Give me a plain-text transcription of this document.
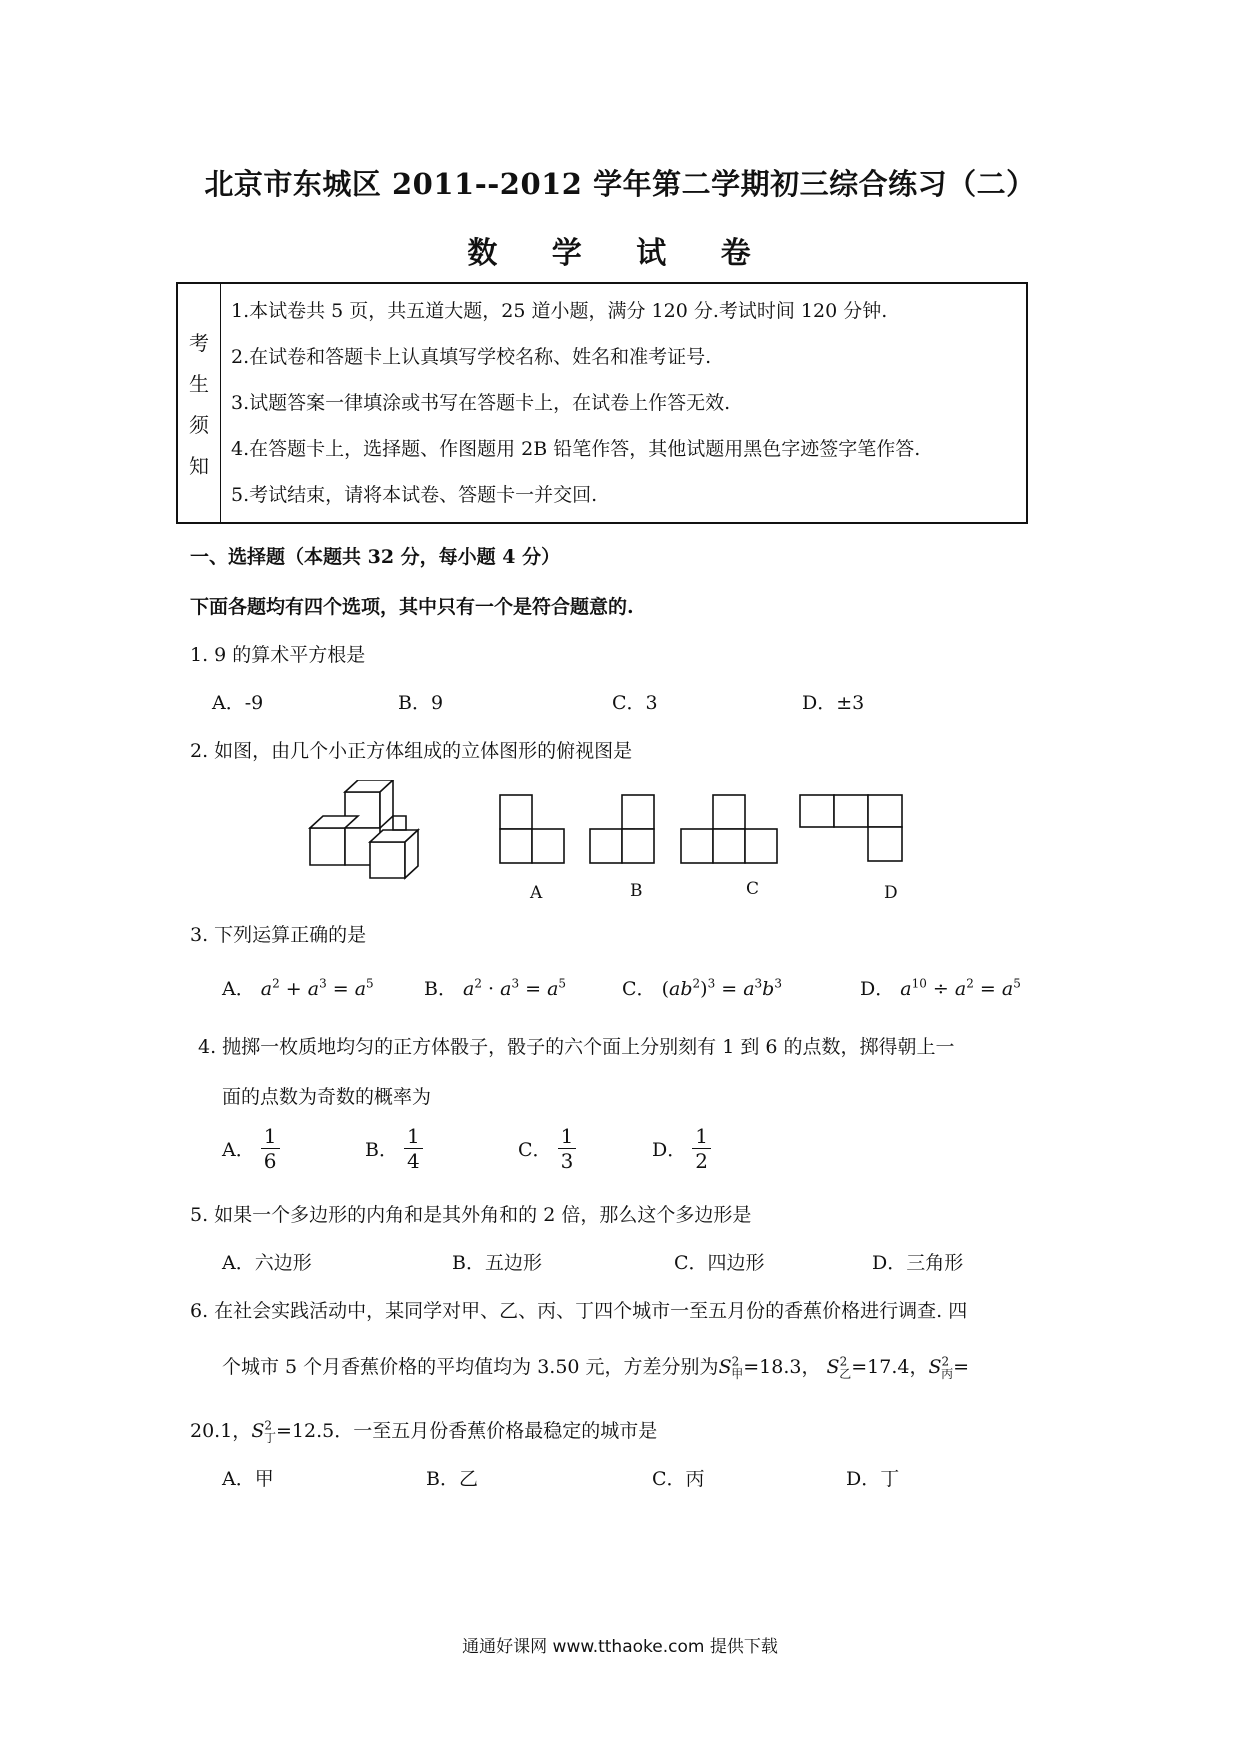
北京市东城区 2011--2012 学年第二学期初三综合练习（二）
数 学 试 卷
考
生
须
知
1.本试卷共 5 页，共五道大题，25 道小题，满分 120 分.考试时间 120 分钟.
2.在试卷和答题卡上认真填写学校名称、姓名和准考证号.
3.试题答案一律填涂或书写在答题卡上，在试卷上作答无效.
4.在答题卡上，选择题、作图题用 2B 铅笔作答，其他试题用黑色字迹签字笔作答.
5.考试结束，请将本试卷、答题卡一并交回.
一、选择题（本题共 32 分，每小题 4 分）
下面各题均有四个选项，其中只有一个是符合题意的.
1. 9 的算术平方根是
A．-9	B．9	C．3	D．±3
2. 如图，由几个小正方体组成的立体图形的俯视图是
A	B	C	D
3. 下列运算正确的是
A． $a^2 + a^3 = a^5$	B． $a^2 \cdot a^3 = a^5$	C． $(ab^2)^3 = a^3b^3$	D． $a^{10} \div a^2 = a^5$
4. 抛掷一枚质地均匀的正方体骰子，骰子的六个面上分别刻有 1 到 6 的点数，掷得朝上一
面的点数为奇数的概率为
A． $\frac{1}{6}$	B． $\frac{1}{4}$	C． $\frac{1}{3}$	D． $\frac{1}{2}$
5. 如果一个多边形的内角和是其外角和的 2 倍，那么这个多边形是
A．六边形	B．五边形	C．四边形	D．三角形
6. 在社会实践活动中，某同学对甲、乙、丙、丁四个城市一至五月份的香蕉价格进行调查. 四
个城市 5 个月香蕉价格的平均值均为 3.50 元，方差分别为$S^2_甲=18.3$， $S^2_乙=17.4$，$S^2_丙=$
20.1，$S^2_丁=12.5$．一至五月份香蕉价格最稳定的城市是
A．甲	B．乙	C．丙	D．丁
通通好课网 www.tthaoke.com 提供下载
